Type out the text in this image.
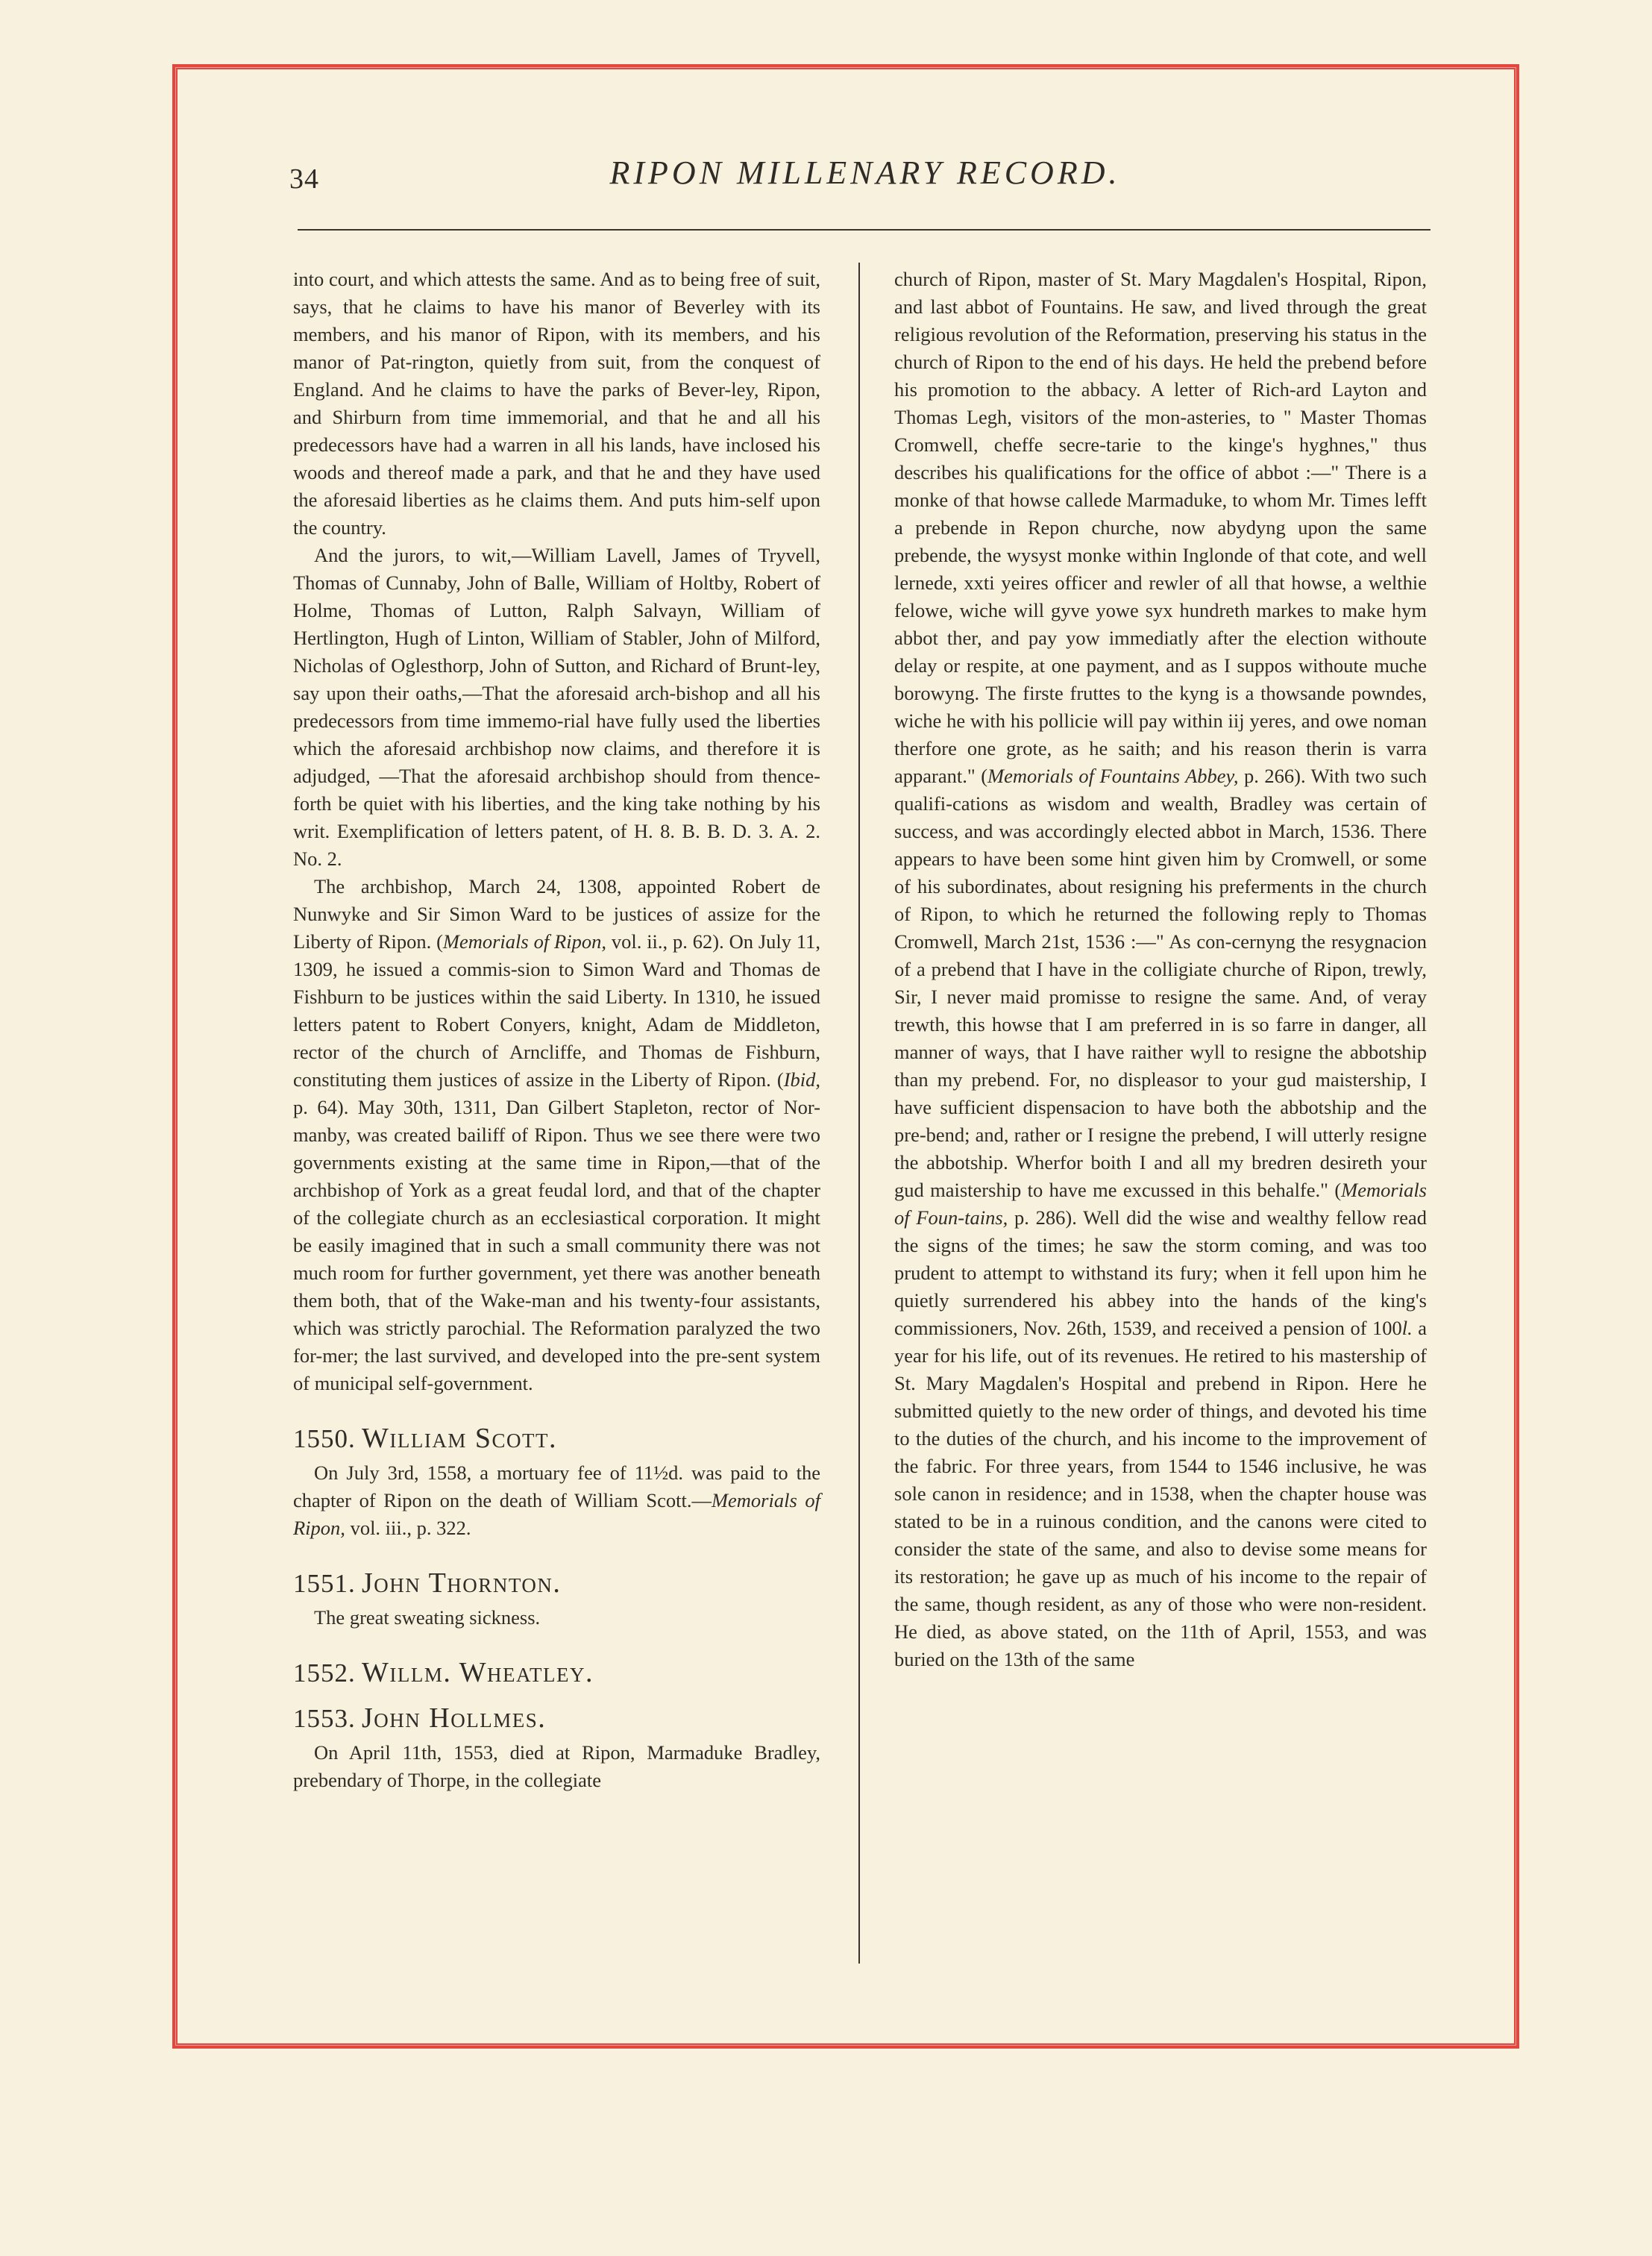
34	RIPON MILLENARY RECORD.

into court, and which attests the same. And as to being free of suit, says, that he claims to have his manor of Beverley with its members, and his manor of Ripon, with its members, and his manor of Pat-rington, quietly from suit, from the conquest of England. And he claims to have the parks of Bever-ley, Ripon, and Shirburn from time immemorial, and that he and all his predecessors have had a warren in all his lands, have inclosed his woods and thereof made a park, and that he and they have used the aforesaid liberties as he claims them. And puts him-self upon the country.

And the jurors, to wit,—William Lavell, James of Tryvell, Thomas of Cunnaby, John of Balle, William of Holtby, Robert of Holme, Thomas of Lutton, Ralph Salvayn, William of Hertlington, Hugh of Linton, William of Stabler, John of Milford, Nicholas of Oglesthorp, John of Sutton, and Richard of Brunt-ley, say upon their oaths,—That the aforesaid arch-bishop and all his predecessors from time immemo-rial have fully used the liberties which the aforesaid archbishop now claims, and therefore it is adjudged, —That the aforesaid archbishop should from thence-forth be quiet with his liberties, and the king take nothing by his writ. Exemplification of letters patent, of H. 8. B. B. D. 3. A. 2. No. 2.

The archbishop, March 24, 1308, appointed Robert de Nunwyke and Sir Simon Ward to be justices of assize for the Liberty of Ripon. (Memorials of Ripon, vol. ii., p. 62). On July 11, 1309, he issued a commis-sion to Simon Ward and Thomas de Fishburn to be justices within the said Liberty. In 1310, he issued letters patent to Robert Conyers, knight, Adam de Middleton, rector of the church of Arncliffe, and Thomas de Fishburn, constituting them justices of assize in the Liberty of Ripon. (Ibid, p. 64). May 30th, 1311, Dan Gilbert Stapleton, rector of Nor-manby, was created bailiff of Ripon. Thus we see there were two governments existing at the same time in Ripon,—that of the archbishop of York as a great feudal lord, and that of the chapter of the collegiate church as an ecclesiastical corporation. It might be easily imagined that in such a small community there was not much room for further government, yet there was another beneath them both, that of the Wake-man and his twenty-four assistants, which was strictly parochial. The Reformation paralyzed the two for-mer; the last survived, and developed into the pre-sent system of municipal self-government.

1550. William Scott.

On July 3rd, 1558, a mortuary fee of 11½d. was paid to the chapter of Ripon on the death of William Scott.—Memorials of Ripon, vol. iii., p. 322.

1551. John Thornton.

The great sweating sickness.

1552. Willm. Wheatley.
1553. John Hollmes.

On April 11th, 1553, died at Ripon, Marmaduke Bradley, prebendary of Thorpe, in the collegiate

church of Ripon, master of St. Mary Magdalen's Hospital, Ripon, and last abbot of Fountains. He saw, and lived through the great religious revolution of the Reformation, preserving his status in the church of Ripon to the end of his days. He held the prebend before his promotion to the abbacy. A letter of Rich-ard Layton and Thomas Legh, visitors of the mon-asteries, to " Master Thomas Cromwell, cheffe secre-tarie to the kinge's hyghnes," thus describes his qualifications for the office of abbot :—" There is a monke of that howse callede Marmaduke, to whom Mr. Times lefft a prebende in Repon churche, now abydyng upon the same prebende, the wysyst monke within Inglonde of that cote, and well lernede, xxti yeires officer and rewler of all that howse, a welthie felowe, wiche will gyve yowe syx hundreth markes to make hym abbot ther, and pay yow immediatly after the election withoute delay or respite, at one payment, and as I suppos withoute muche borowyng. The firste fruttes to the kyng is a thowsande powndes, wiche he with his pollicie will pay within iij yeres, and owe noman therfore one grote, as he saith; and his reason therin is varra apparant." (Memorials of Fountains Abbey, p. 266). With two such qualifi-cations as wisdom and wealth, Bradley was certain of success, and was accordingly elected abbot in March, 1536. There appears to have been some hint given him by Cromwell, or some of his subordinates, about resigning his preferments in the church of Ripon, to which he returned the following reply to Thomas Cromwell, March 21st, 1536 :—" As con-cernyng the resygnacion of a prebend that I have in the colligiate churche of Ripon, trewly, Sir, I never maid promisse to resigne the same. And, of veray trewth, this howse that I am preferred in is so farre in danger, all manner of ways, that I have raither wyll to resigne the abbotship than my prebend. For, no displeasor to your gud maistership, I have sufficient dispensacion to have both the abbotship and the pre-bend; and, rather or I resigne the prebend, I will utterly resigne the abbotship. Wherfor boith I and all my bredren desireth your gud maistership to have me excussed in this behalfe." (Memorials of Foun-tains, p. 286). Well did the wise and wealthy fellow read the signs of the times; he saw the storm coming, and was too prudent to attempt to withstand its fury; when it fell upon him he quietly surrendered his abbey into the hands of the king's commissioners, Nov. 26th, 1539, and received a pension of 100l. a year for his life, out of its revenues. He retired to his mastership of St. Mary Magdalen's Hospital and prebend in Ripon. Here he submitted quietly to the new order of things, and devoted his time to the duties of the church, and his income to the improvement of the fabric. For three years, from 1544 to 1546 inclusive, he was sole canon in residence; and in 1538, when the chapter house was stated to be in a ruinous condition, and the canons were cited to consider the state of the same, and also to devise some means for its restoration; he gave up as much of his income to the repair of the same, though resident, as any of those who were non-resident. He died, as above stated, on the 11th of April, 1553, and was buried on the 13th of the same
